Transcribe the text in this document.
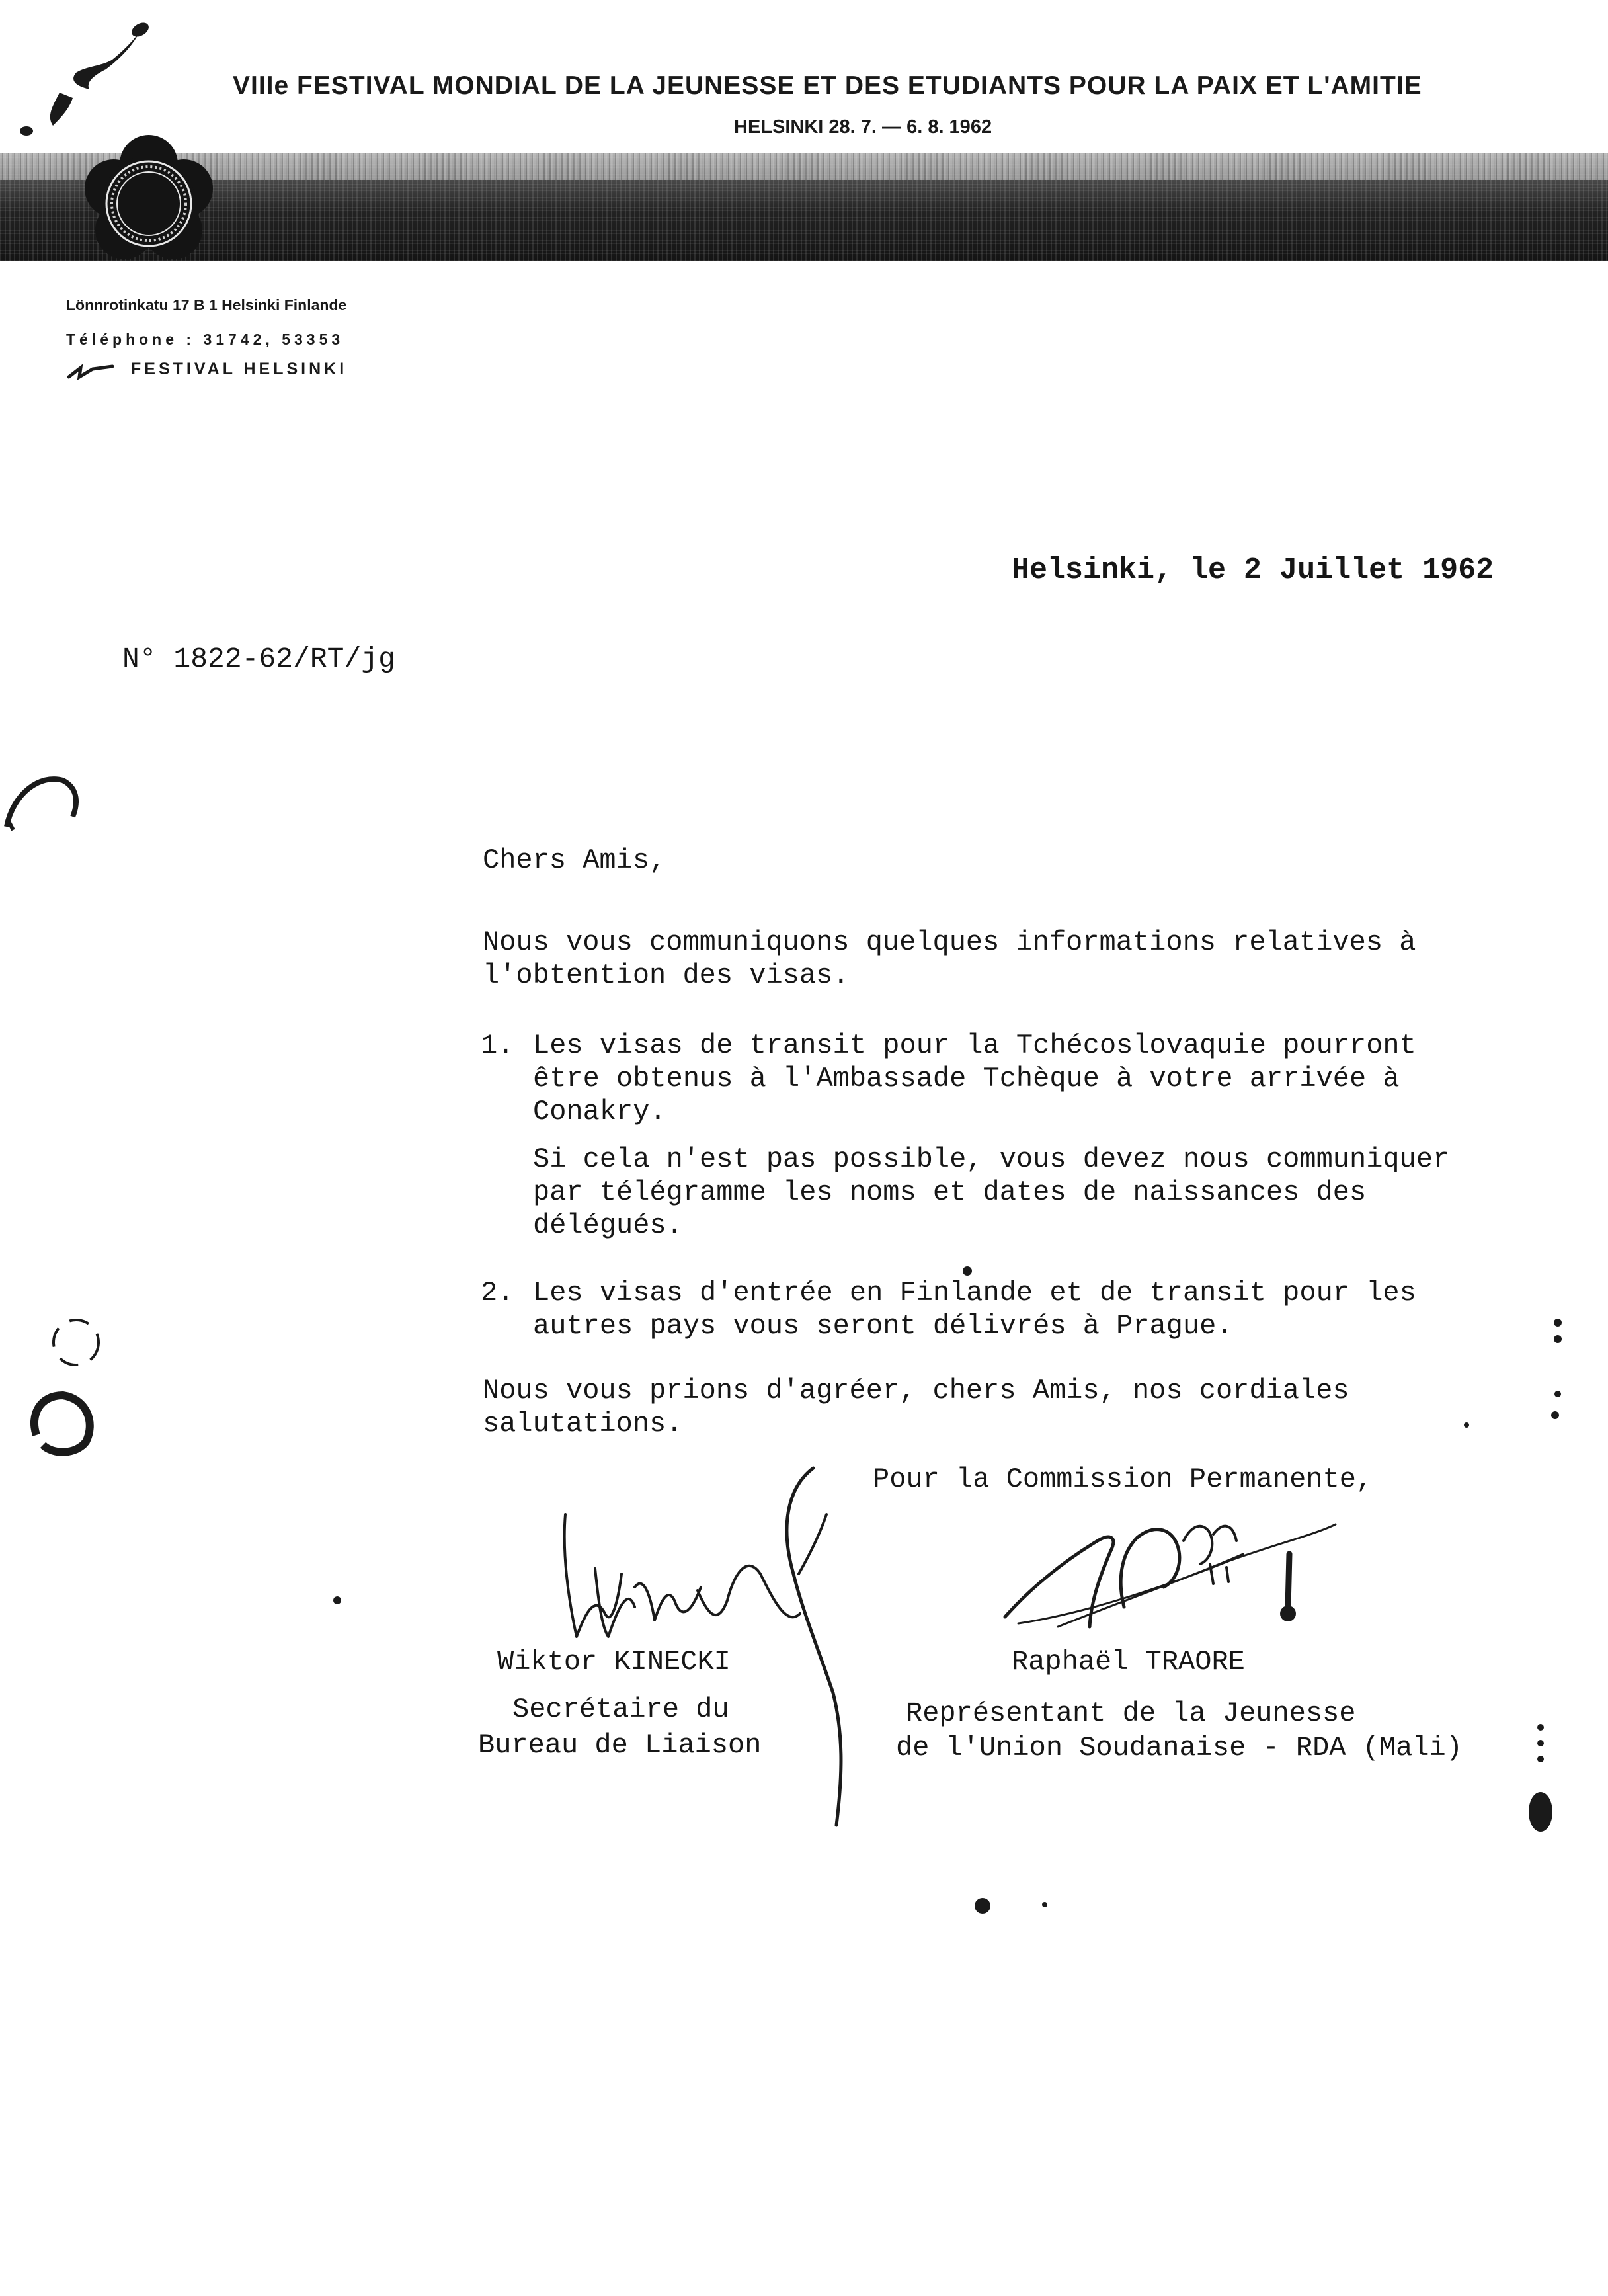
VIIIe FESTIVAL MONDIAL DE LA JEUNESSE ET DES ETUDIANTS POUR LA PAIX ET L'AMITIE
HELSINKI 28. 7. — 6. 8. 1962
Lönnrotinkatu 17 B 1 Helsinki Finlande
Téléphone : 31742, 53353
FESTIVAL HELSINKI
Helsinki, le 2 Juillet 1962
N° 1822-62/RT/jg
Chers Amis,
Nous vous communiquons quelques informations relatives à l'obtention des visas.
1. Les visas de transit pour la Tchécoslovaquie pourront être obtenus à l'Ambassade Tchèque à votre arrivée à Conakry.
Si cela n'est pas possible, vous devez nous communiquer par télégramme les noms et dates de naissances des délégués.
2. Les visas d'entrée en Finlande et de transit pour les autres pays vous seront délivrés à Prague.
Nous vous prions d'agréer, chers Amis, nos cordiales salutations.
Pour la Commission Permanente,
Wiktor KINECKI
Secrétaire du
Bureau de Liaison
Raphaël TRAORE
Représentant de la Jeunesse
de l'Union Soudanaise - RDA (Mali)
